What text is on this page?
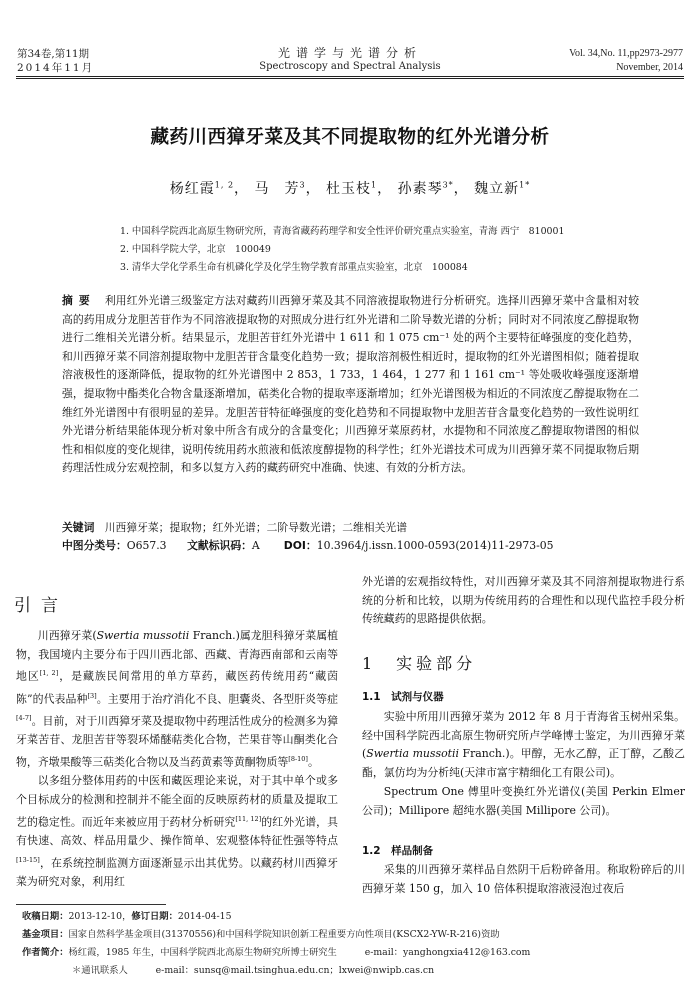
第34卷,第11期
2014年11月
光谱学与光谱分析
Spectroscopy and Spectral Analysis
Vol. 34,No. 11,pp2973-2977
November, 2014
藏药川西獐牙菜及其不同提取物的红外光谱分析
杨红霞$^{1, 2}$， 马　芳$^3$， 杜玉枝$^1$， 孙素琴$^{3*}$， 魏立新$^{1*}$
1. 中国科学院西北高原生物研究所，青海省藏药药理学和安全性评价研究重点实验室，青海 西宁　810001
2. 中国科学院大学，北京　100049
3. 清华大学化学系生命有机磷化学及化学生物学教育部重点实验室，北京　100084
摘要 利用红外光谱三级鉴定方法对藏药川西獐牙菜及其不同溶液提取物进行分析研究。选择川西獐牙菜中含量相对较高的药用成分龙胆苦苷作为不同溶液提取物的对照成分进行红外光谱和二阶导数光谱的分析；同时对不同浓度乙醇提取物进行二维相关光谱分析。结果显示，龙胆苦苷红外光谱中 1 611 和 1 075 cm⁻¹ 处的两个主要特征峰强度的变化趋势，和川西獐牙菜不同溶剂提取物中龙胆苦苷含量变化趋势一致；提取溶剂极性相近时，提取物的红外光谱图相似；随着提取溶液极性的逐渐降低，提取物的红外光谱图中 2 853，1 733，1 464，1 277 和 1 161 cm⁻¹ 等处吸收峰强度逐渐增强，提取物中酯类化合物含量逐渐增加，萜类化合物的提取率逐渐增加；红外光谱图极为相近的不同浓度乙醇提取物在二维红外光谱图中有很明显的差异。龙胆苦苷特征峰强度的变化趋势和不同提取物中龙胆苦苷含量变化趋势的一致性说明红外光谱分析结果能体现分析对象中所含有成分的含量变化；川西獐牙菜原药材，水提物和不同浓度乙醇提取物谱图的相似性和相似度的变化规律，说明传统用药水煎液和低浓度醇提物的科学性；红外光谱技术可成为川西獐牙菜不同提取物后期药理活性成分宏观控制，和多以复方入药的藏药研究中准确、快速、有效的分析方法。
关键词 川西獐牙菜；提取物；红外光谱；二阶导数光谱；二维相关光谱
中图分类号：O657.3 文献标识码：A DOI：10.3964/j.issn.1000-0593(2014)11-2973-05
引言

川西獐牙菜(Swertia mussotii Franch.)属龙胆科獐牙菜属植物，我国境内主要分布于四川西北部、西藏、青海西南部和云南等地区[1, 2]，是藏族民间常用的单方草药，藏医药传统用药“藏茵陈”的代表品种[3]。主要用于治疗消化不良、胆囊炎、各型肝炎等症[4-7]。目前，对于川西獐牙菜及提取物中药理活性成分的检测多为獐牙菜苦苷、龙胆苦苷等裂环烯醚萜类化合物，芒果苷等山酮类化合物，齐墩果酸等三萜类化合物以及当药黄素等黄酮物质等[8-10]。

以多组分整体用药的中医和藏医理论来说，对于其中单个或多个目标成分的检测和控制并不能全面的反映原药材的质量及提取工艺的稳定性。而近年来被应用于药材分析研究[11, 12]的红外光谱，具有快速、高效、样品用量少、操作简单、宏观整体特征性强等特点[13-15]，在系统控制监测方面逐渐显示出其优势。以藏药材川西獐牙菜为研究对象，利用红

外光谱的宏观指纹特性，对川西獐牙菜及其不同溶剂提取物进行系统的分析和比较，以期为传统用药的合理性和以现代监控手段分析传统藏药的思路提供依据。

1　实验部分
1.1　试剂与仪器

实验中所用川西獐牙菜为 2012 年 8 月于青海省玉树州采集。经中国科学院西北高原生物研究所卢学峰博士鉴定，为川西獐牙菜(Swertia mussotii Franch.)。甲醇，无水乙醇，正丁醇，乙酸乙酯，氯仿均为分析纯(天津市富宇精细化工有限公司)。

Spectrum One 傅里叶变换红外光谱仪(美国 Perkin Elmer公司)；Millipore 超纯水器(美国 Millipore 公司)。

1.2　样品制备

采集的川西獐牙菜样品自然阴干后粉碎备用。称取粉碎后的川西獐牙菜 150 g，加入 10 倍体积提取溶液浸泡过夜后

收稿日期：2013-12-10，修订日期：2014-04-15
基金项目：国家自然科学基金项目(31370556)和中国科学院知识创新工程重要方向性项目(KSCX2-YW-R-216)资助
作者简介：杨红霞，1985 年生，中国科学院西北高原生物研究所博士研究生　　　e-mail：yanghongxia412@163.com
＊通讯联系人　　　e-mail：sunsq@mail.tsinghua.edu.cn；lxwei@nwipb.cas.cn
